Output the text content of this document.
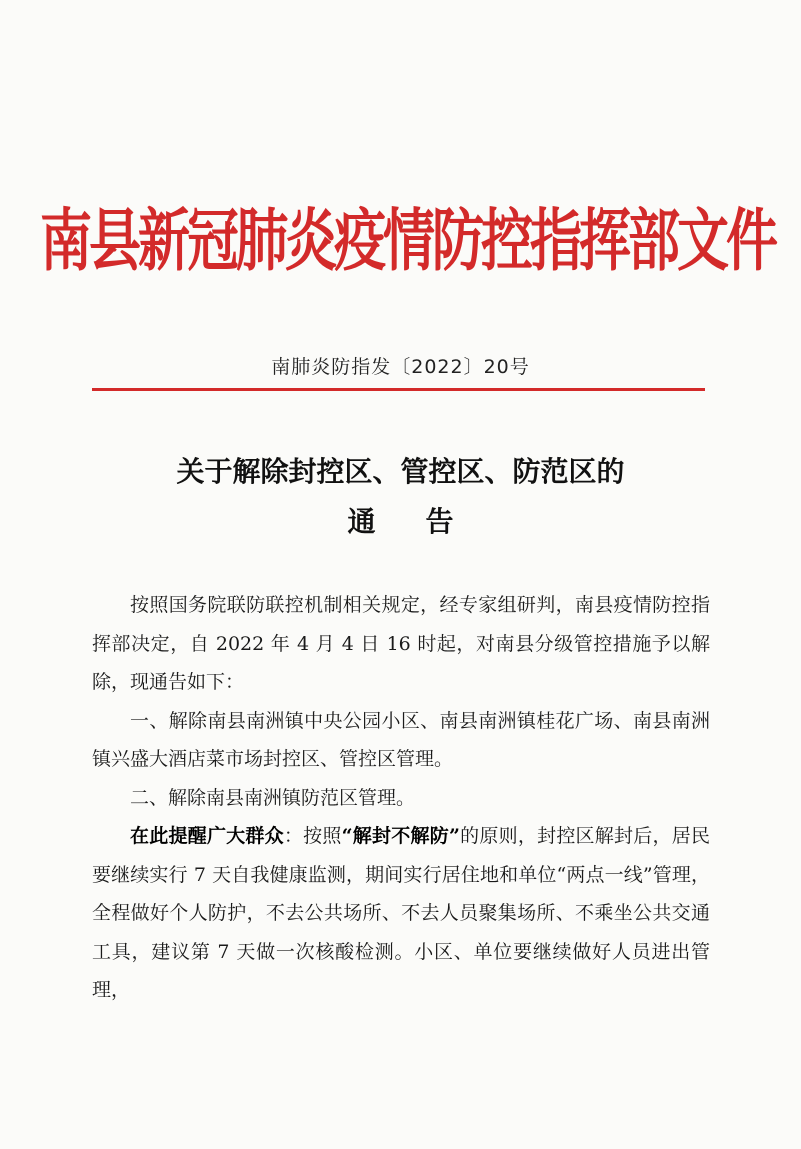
南县新冠肺炎疫情防控指挥部文件
南肺炎防指发〔2022〕20号
关于解除封控区、管控区、防范区的
通告

按照国务院联防联控机制相关规定，经专家组研判，南县疫情防控指挥部决定，自 2022 年 4 月 4 日 16 时起，对南县分级管控措施予以解除，现通告如下：

一、解除南县南洲镇中央公园小区、南县南洲镇桂花广场、南县南洲镇兴盛大酒店菜市场封控区、管控区管理。

二、解除南县南洲镇防范区管理。

在此提醒广大群众：按照“解封不解防”的原则，封控区解封后，居民要继续实行 7 天自我健康监测，期间实行居住地和单位“两点一线”管理，全程做好个人防护，不去公共场所、不去人员聚集场所、不乘坐公共交通工具，建议第 7 天做一次核酸检测。小区、单位要继续做好人员进出管理，
